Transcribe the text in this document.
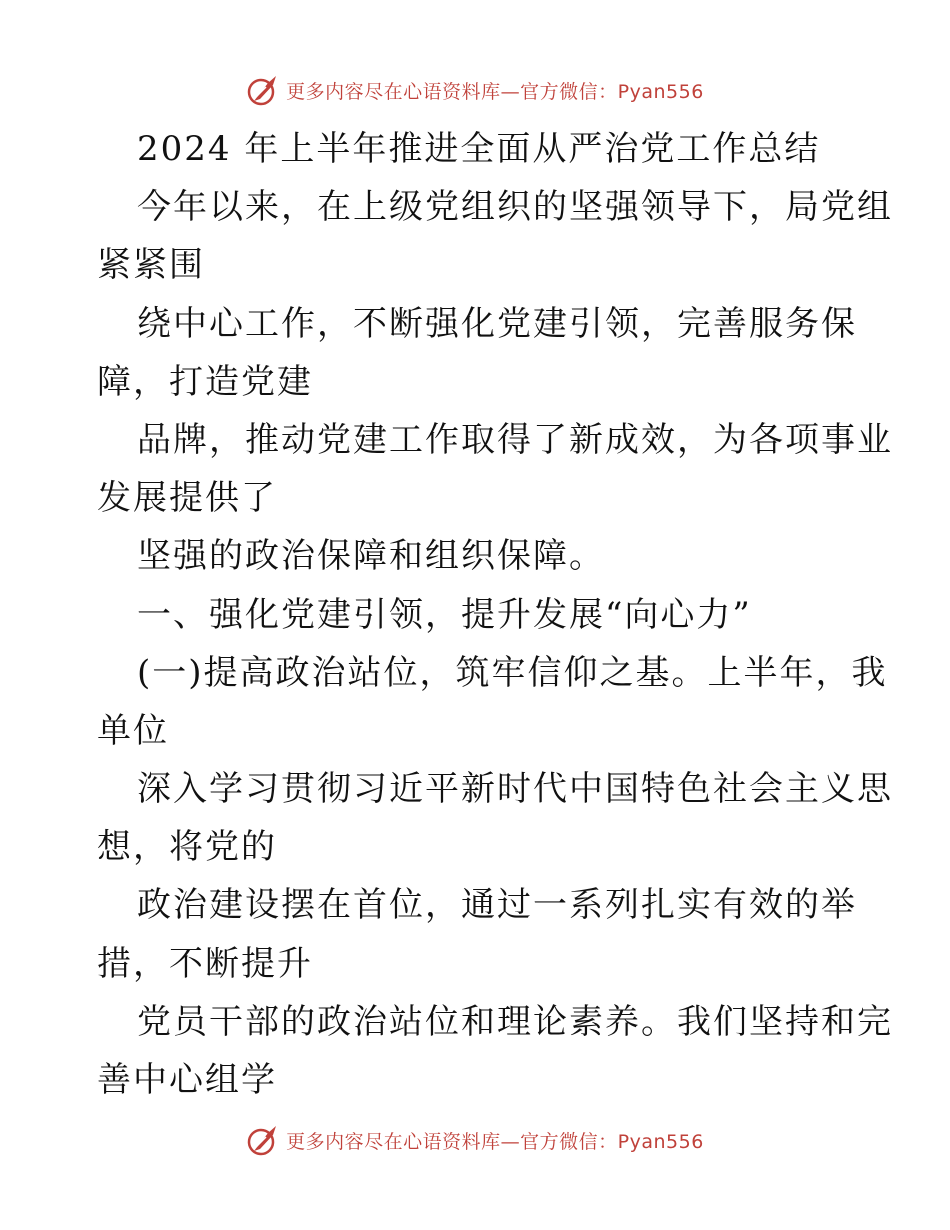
更多内容尽在心语资料库—官方微信：Pyan556
2024 年上半年推进全面从严治党工作总结
今年以来，在上级党组织的坚强领导下，局党组
紧紧围
绕中心工作，不断强化党建引领，完善服务保
障，打造党建
品牌，推动党建工作取得了新成效，为各项事业
发展提供了
坚强的政治保障和组织保障。
一、强化党建引领，提升发展“向心力”
(一)提高政治站位，筑牢信仰之基。上半年，我
单位
深入学习贯彻习近平新时代中国特色社会主义思
想，将党的
政治建设摆在首位，通过一系列扎实有效的举
措，不断提升
党员干部的政治站位和理论素养。我们坚持和完
善中心组学
更多内容尽在心语资料库—官方微信：Pyan556
